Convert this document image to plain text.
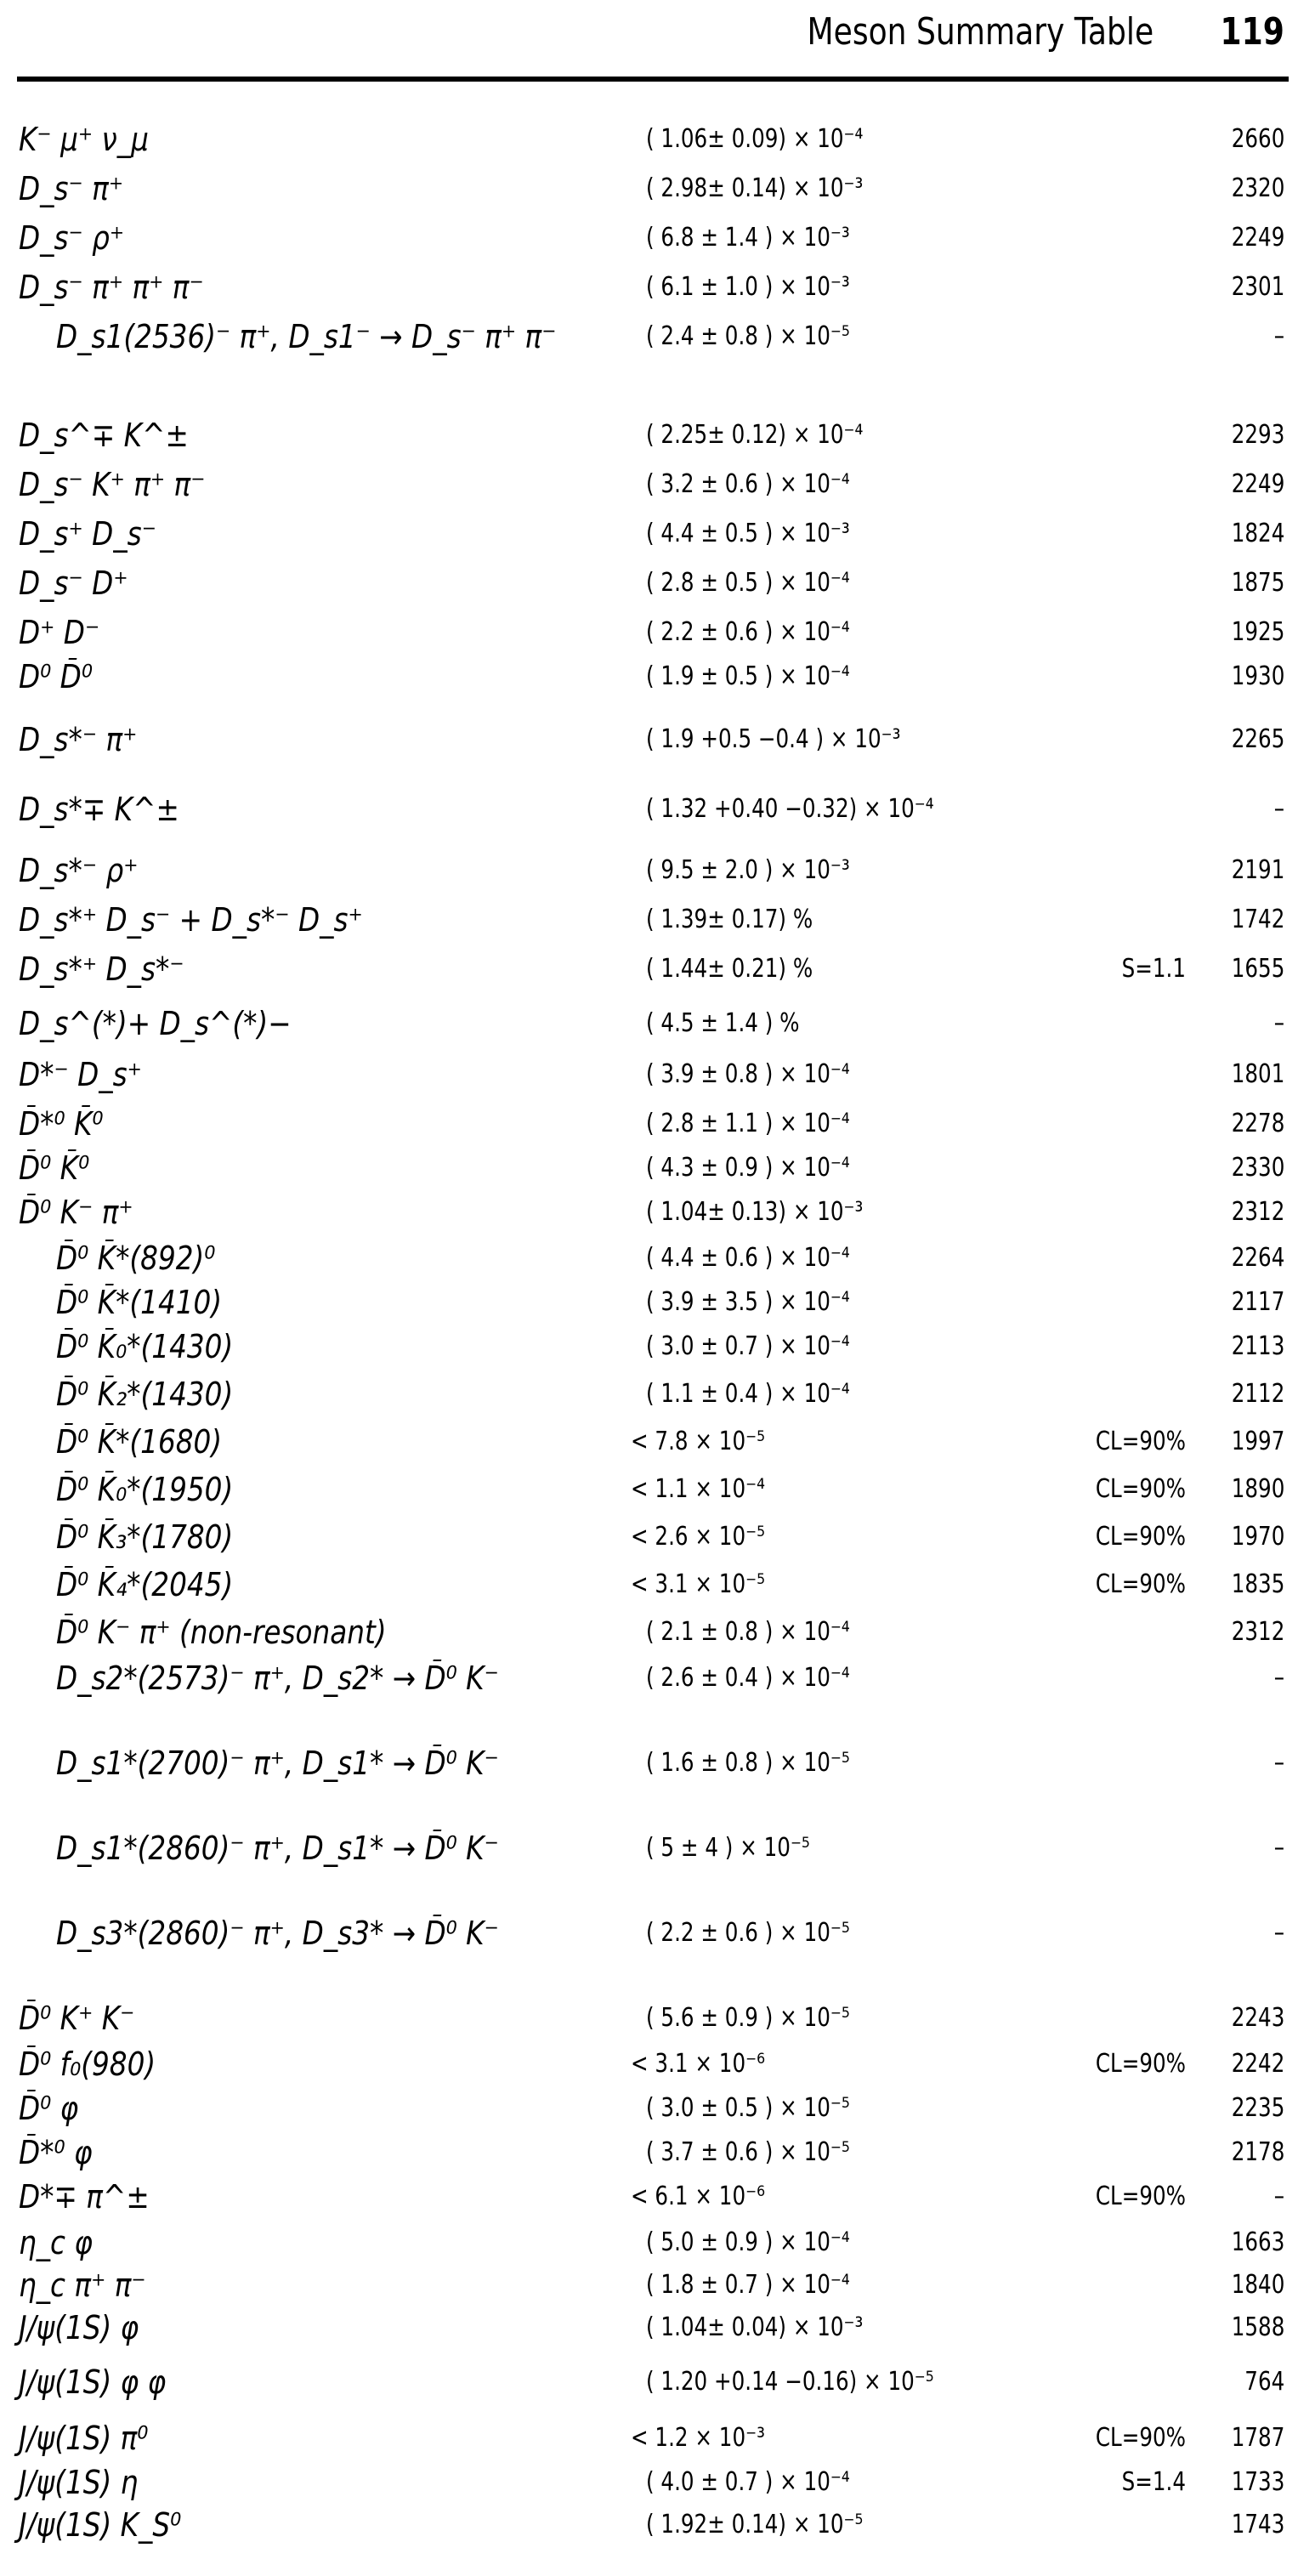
Meson Summary Table 119
K⁻ μ⁺ ν_μ	( 1.06± 0.09) × 10⁻⁴	2660
D_s⁻ π⁺	( 2.98± 0.14) × 10⁻³	2320
D_s⁻ ρ⁺	( 6.8 ± 1.4 ) × 10⁻³	2249
D_s⁻ π⁺ π⁺ π⁻	( 6.1 ± 1.0 ) × 10⁻³	2301
D_s1(2536)⁻ π⁺, D_s1⁻ → D_s⁻ π⁺ π⁻	( 2.4 ± 0.8 ) × 10⁻⁵	–
D_s^∓ K^±	( 2.25± 0.12) × 10⁻⁴	2293
D_s⁻ K⁺ π⁺ π⁻	( 3.2 ± 0.6 ) × 10⁻⁴	2249
D_s⁺ D_s⁻	( 4.4 ± 0.5 ) × 10⁻³	1824
D_s⁻ D⁺	( 2.8 ± 0.5 ) × 10⁻⁴	1875
D⁺ D⁻	( 2.2 ± 0.6 ) × 10⁻⁴	1925
D⁰ D̄⁰	( 1.9 ± 0.5 ) × 10⁻⁴	1930
D_s*⁻ π⁺	( 1.9 +0.5 −0.4 ) × 10⁻³	2265
D_s*∓ K^±	( 1.32 +0.40 −0.32) × 10⁻⁴	–
D_s*⁻ ρ⁺	( 9.5 ± 2.0 ) × 10⁻³	2191
D_s*⁺ D_s⁻ + D_s*⁻ D_s⁺	( 1.39± 0.17) %	1742
D_s*⁺ D_s*⁻	( 1.44± 0.21) %	S=1.1 1655
D_s^(*)+ D_s^(*)−	( 4.5 ± 1.4 ) %	–
D*⁻ D_s⁺	( 3.9 ± 0.8 ) × 10⁻⁴	1801
D̄*⁰ K̄⁰	( 2.8 ± 1.1 ) × 10⁻⁴	2278
D̄⁰ K̄⁰	( 4.3 ± 0.9 ) × 10⁻⁴	2330
D̄⁰ K⁻ π⁺	( 1.04± 0.13) × 10⁻³	2312
D̄⁰ K̄*(892)⁰	( 4.4 ± 0.6 ) × 10⁻⁴	2264
D̄⁰ K̄*(1410)	( 3.9 ± 3.5 ) × 10⁻⁴	2117
D̄⁰ K̄₀*(1430)	( 3.0 ± 0.7 ) × 10⁻⁴	2113
D̄⁰ K̄₂*(1430)	( 1.1 ± 0.4 ) × 10⁻⁴	2112
D̄⁰ K̄*(1680)	< 7.8 × 10⁻⁵	CL=90% 1997
D̄⁰ K̄₀*(1950)	< 1.1 × 10⁻⁴	CL=90% 1890
D̄⁰ K̄₃*(1780)	< 2.6 × 10⁻⁵	CL=90% 1970
D̄⁰ K̄₄*(2045)	< 3.1 × 10⁻⁵	CL=90% 1835
D̄⁰ K⁻ π⁺ (non-resonant)	( 2.1 ± 0.8 ) × 10⁻⁴	2312
D_s2*(2573)⁻ π⁺, D_s2* → D̄⁰ K⁻	( 2.6 ± 0.4 ) × 10⁻⁴	–
D_s1*(2700)⁻ π⁺, D_s1* → D̄⁰ K⁻	( 1.6 ± 0.8 ) × 10⁻⁵	–
D_s1*(2860)⁻ π⁺, D_s1* → D̄⁰ K⁻	( 5 ± 4 ) × 10⁻⁵	–
D_s3*(2860)⁻ π⁺, D_s3* → D̄⁰ K⁻	( 2.2 ± 0.6 ) × 10⁻⁵	–
D̄⁰ K⁺ K⁻	( 5.6 ± 0.9 ) × 10⁻⁵	2243
D̄⁰ f₀(980)	< 3.1 × 10⁻⁶	CL=90% 2242
D̄⁰ φ	( 3.0 ± 0.5 ) × 10⁻⁵	2235
D̄*⁰ φ	( 3.7 ± 0.6 ) × 10⁻⁵	2178
D*∓ π^±	< 6.1 × 10⁻⁶	CL=90%	–
η_c φ	( 5.0 ± 0.9 ) × 10⁻⁴	1663
η_c π⁺ π⁻	( 1.8 ± 0.7 ) × 10⁻⁴	1840
J/ψ(1S) φ	( 1.04± 0.04) × 10⁻³	1588
J/ψ(1S) φ φ	( 1.20 +0.14 −0.16) × 10⁻⁵	764
J/ψ(1S) π⁰	< 1.2 × 10⁻³	CL=90% 1787
J/ψ(1S) η	( 4.0 ± 0.7 ) × 10⁻⁴	S=1.4 1733
J/ψ(1S) K_S⁰	( 1.92± 0.14) × 10⁻⁵	1743
